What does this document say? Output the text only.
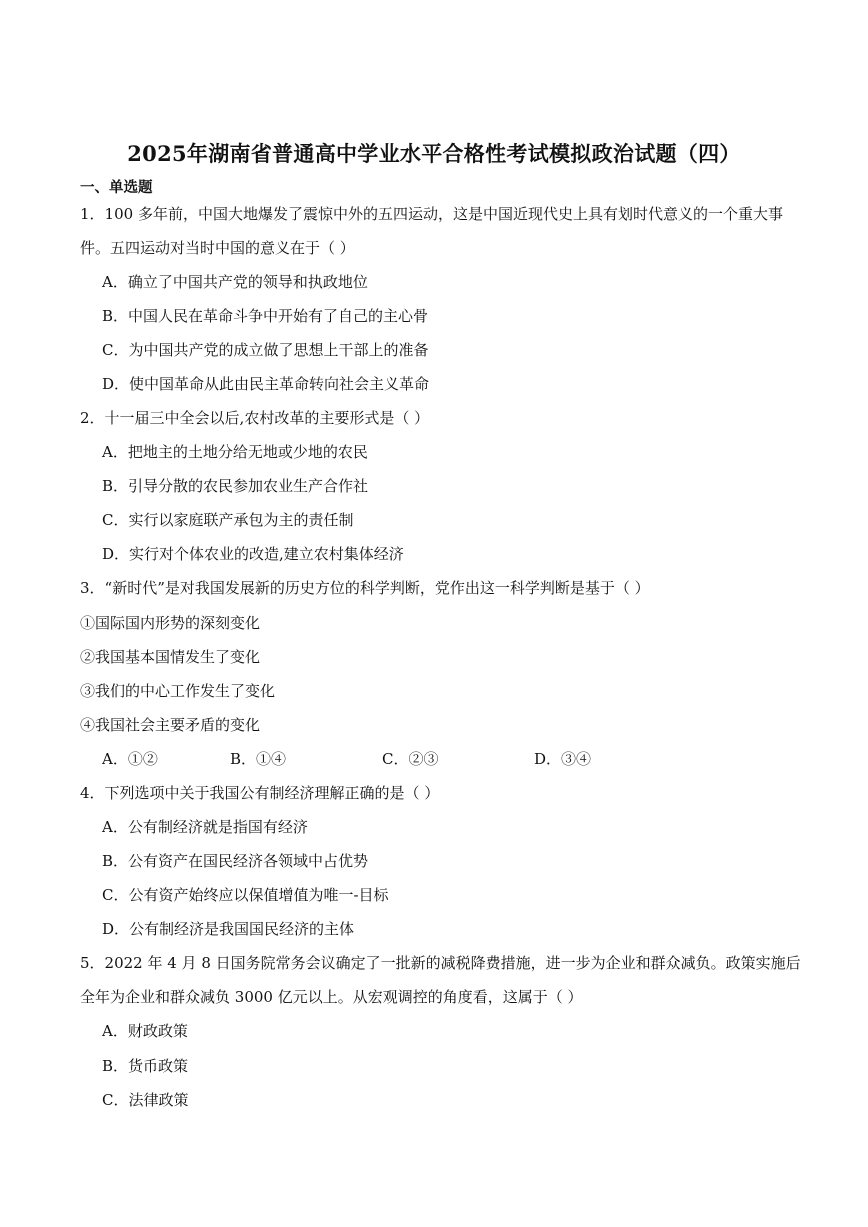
2025年湖南省普通高中学业水平合格性考试模拟政治试题（四）
一、单选题
1．100 多年前，中国大地爆发了震惊中外的五四运动，这是中国近现代史上具有划时代意义的一个重大事
件。五四运动对当时中国的意义在于（ ）
A．确立了中国共产党的领导和执政地位
B．中国人民在革命斗争中开始有了自己的主心骨
C．为中国共产党的成立做了思想上干部上的准备
D．使中国革命从此由民主革命转向社会主义革命
2．十一届三中全会以后,农村改革的主要形式是（ ）
A．把地主的土地分给无地或少地的农民
B．引导分散的农民参加农业生产合作社
C．实行以家庭联产承包为主的责任制
D．实行对个体农业的改造,建立农村集体经济
3．“新时代”是对我国发展新的历史方位的科学判断，党作出这一科学判断是基于（ ）
①国际国内形势的深刻变化
②我国基本国情发生了变化
③我们的中心工作发生了变化
④我国社会主要矛盾的变化
A．①②	B．①④	C．②③	D．③④
4．下列选项中关于我国公有制经济理解正确的是（ ）
A．公有制经济就是指国有经济
B．公有资产在国民经济各领域中占优势
C．公有资产始终应以保值增值为唯一-目标
D．公有制经济是我国国民经济的主体
5．2022 年 4 月 8 日国务院常务会议确定了一批新的减税降费措施，进一步为企业和群众减负。政策实施后
全年为企业和群众减负 3000 亿元以上。从宏观调控的角度看，这属于（ ）
A．财政政策
B．货币政策
C．法律政策
